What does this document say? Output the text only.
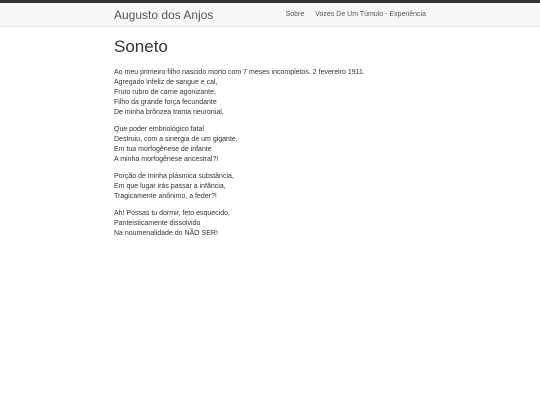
Augusto dos Anjos	Sobre Vozes De Um Túmulo - Experiência
Soneto
Ao meu primeiro filho nascido morto com 7 meses incompletos. 2 fevereiro 1911.
Agregado infeliz de sangue e cal,
Fruto rubro de carne agonizante,
Filho da grande força fecundante
De minha brônzea trama neuronial,
Que poder embriológico fatal
Destruiu, com a sinergia de um gigante,
Em tua morfogênese de infante
A minha morfogênese ancestral?!
Porção de minha plásmica substância,
Em que lugar irás passar a infância,
Tragicamente anônimo, a feder?!
Ah! Possas tu dormir, feto esquecido,
Panteisticamente dissolvido
Na noumenalidade do NÃO SER!
